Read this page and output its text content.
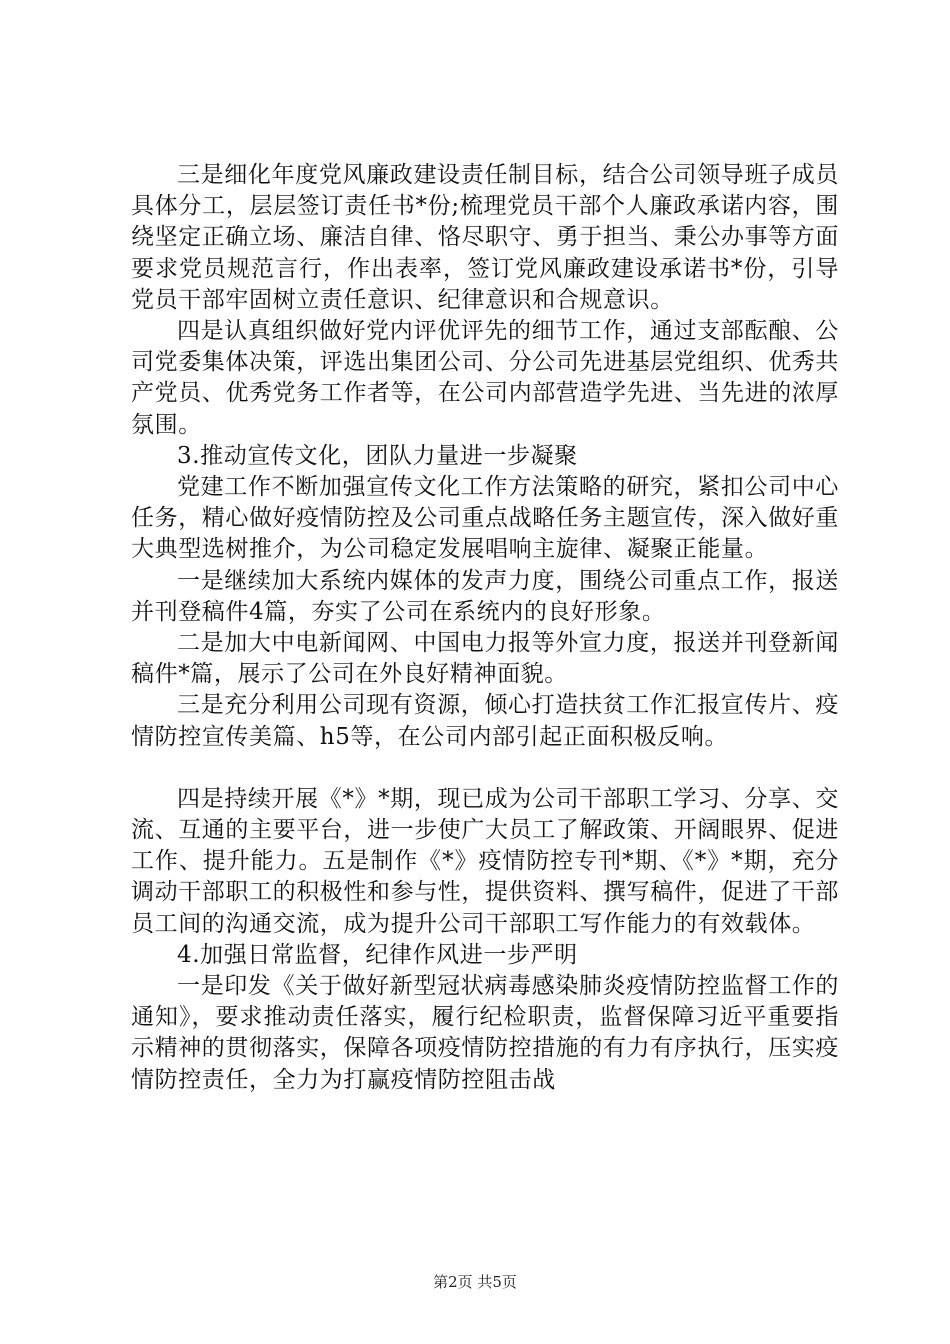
三是细化年度党风廉政建设责任制目标，结合公司领导班子成员具体分工，层层签订责任书*份;梳理党员干部个人廉政承诺内容，围绕坚定正确立场、廉洁自律、恪尽职守、勇于担当、秉公办事等方面要求党员规范言行，作出表率，签订党风廉政建设承诺书*份，引导党员干部牢固树立责任意识、纪律意识和合规意识。

四是认真组织做好党内评优评先的细节工作，通过支部酝酿、公司党委集体决策，评选出集团公司、分公司先进基层党组织、优秀共产党员、优秀党务工作者等，在公司内部营造学先进、当先进的浓厚氛围。

3.推动宣传文化，团队力量进一步凝聚

党建工作不断加强宣传文化工作方法策略的研究，紧扣公司中心任务，精心做好疫情防控及公司重点战略任务主题宣传，深入做好重大典型选树推介，为公司稳定发展唱响主旋律、凝聚正能量。

一是继续加大系统内媒体的发声力度，围绕公司重点工作，报送并刊登稿件4篇，夯实了公司在系统内的良好形象。

二是加大中电新闻网、中国电力报等外宣力度，报送并刊登新闻稿件*篇，展示了公司在外良好精神面貌。

三是充分利用公司现有资源，倾心打造扶贫工作汇报宣传片、疫情防控宣传美篇、h5等，在公司内部引起正面积极反响。

四是持续开展《*》*期，现已成为公司干部职工学习、分享、交流、互通的主要平台，进一步使广大员工了解政策、开阔眼界、促进工作、提升能力。五是制作《*》疫情防控专刊*期、《*》*期，充分调动干部职工的积极性和参与性，提供资料、撰写稿件，促进了干部员工间的沟通交流，成为提升公司干部职工写作能力的有效载体。

4.加强日常监督，纪律作风进一步严明

一是印发《关于做好新型冠状病毒感染肺炎疫情防控监督工作的通知》，要求推动责任落实，履行纪检职责，监督保障习近平重要指示精神的贯彻落实，保障各项疫情防控措施的有力有序执行，压实疫情防控责任，全力为打赢疫情防控阻击战

第2页 共5页
